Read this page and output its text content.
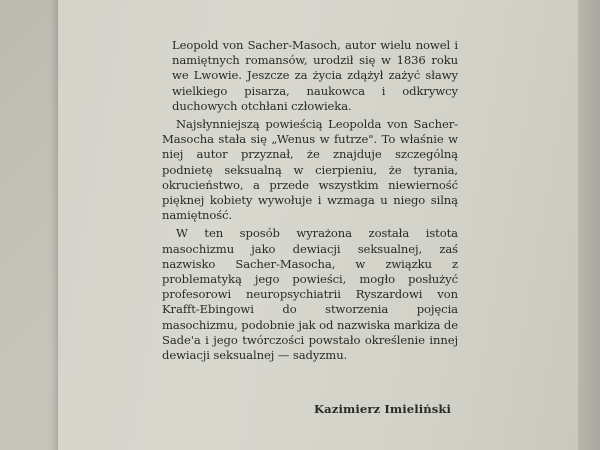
Leopold von Sacher-Masoch, autor wielu nowel i namiętnych romansów, urodził się w 1836 roku we Lwowie. Jeszcze za życia zdążył zażyć sławy wielkiego pisarza, naukowca i odkrywcy duchowych otchłani człowieka.

Najsłynniejszą powieścią Leopolda von Sacher-Masocha stała się „Wenus w futrze". To właśnie w niej autor przyznał, że znajduje szczególną podnietę seksualną w cierpieniu, że tyrania, okrucieństwo, a przede wszystkim niewierność pięknej kobiety wywołuje i wzmaga u niego silną namiętność.

W ten sposób wyrażona została istota masochizmu jako dewiacji seksualnej, zaś nazwisko Sacher-Masocha, w związku z problematyką jego powieści, mogło posłużyć profesorowi neuropsychiatrii Ryszardowi von Krafft-Ebingowi do stworzenia pojęcia masochizmu, podobnie jak od nazwiska markiza de Sade'a i jego twórczości powstało określenie innej dewiacji seksualnej — sadyzmu.

Kazimierz Imieliński
